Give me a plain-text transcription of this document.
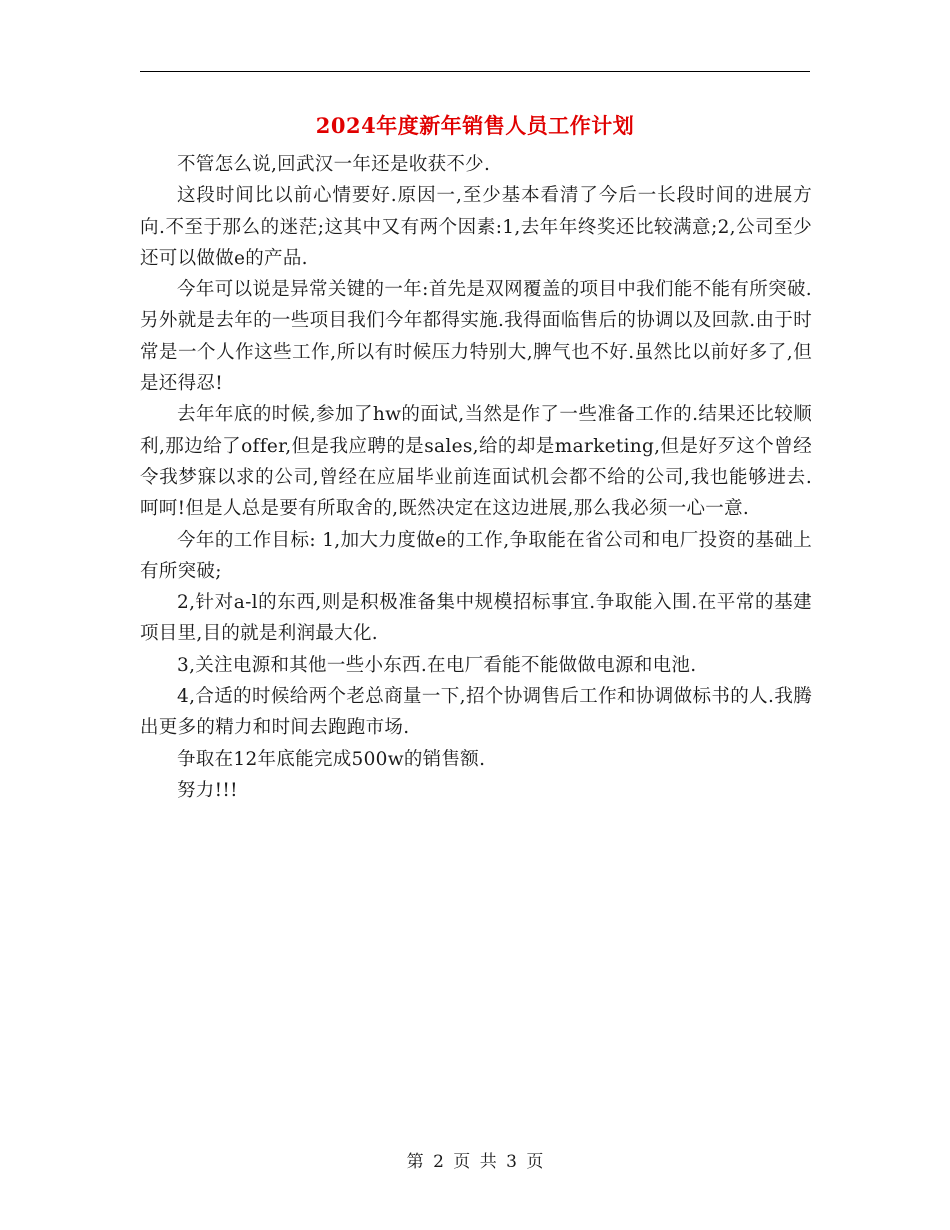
2024年度新年销售人员工作计划

不管怎么说,回武汉一年还是收获不少.

这段时间比以前心情要好.原因一,至少基本看清了今后一长段时间的进展方向.不至于那么的迷茫;这其中又有两个因素:1,去年年终奖还比较满意;2,公司至少还可以做做e的产品.

今年可以说是异常关键的一年:首先是双网覆盖的项目中我们能不能有所突破.另外就是去年的一些项目我们今年都得实施.我得面临售后的协调以及回款.由于时常是一个人作这些工作,所以有时候压力特别大,脾气也不好.虽然比以前好多了,但是还得忍!

去年年底的时候,参加了hw的面试,当然是作了一些准备工作的.结果还比较顺利,那边给了offer,但是我应聘的是sales,给的却是marketing,但是好歹这个曾经令我梦寐以求的公司,曾经在应届毕业前连面试机会都不给的公司,我也能够进去.呵呵!但是人总是要有所取舍的,既然决定在这边进展,那么我必须一心一意.

今年的工作目标: 1,加大力度做e的工作,争取能在省公司和电厂投资的基础上有所突破;

2,针对a-l的东西,则是积极准备集中规模招标事宜.争取能入围.在平常的基建项目里,目的就是利润最大化.

3,关注电源和其他一些小东西.在电厂看能不能做做电源和电池.

4,合适的时候给两个老总商量一下,招个协调售后工作和协调做标书的人.我腾出更多的精力和时间去跑跑市场.

争取在12年底能完成500w的销售额.

努力!!!

第 2 页 共 3 页
